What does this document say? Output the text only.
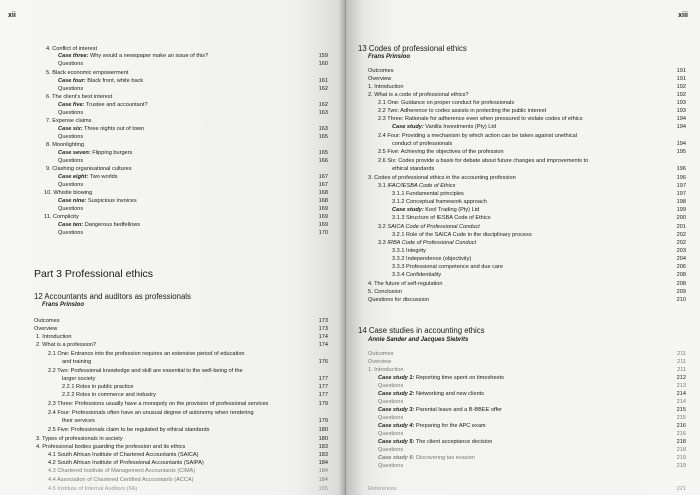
xii
4. Conflict of interest
Case three: Why would a newspaper make an issue of this?	159
Questions	160
5. Black economic empowerment
Case four: Black front, white back	161
Questions	162
6. The client's best interest
Case five: Trustee and accountant?	162
Questions	163
7. Expense claims
Case six: Three nights out of town	163
Questions	165
8. Moonlighting
Case seven: Flipping burgers	165
Questions	166
9. Clashing organisational cultures
Case eight: Two worlds	167
Questions	167
10. Whistle blowing	168
Case nine: Suspicious invoices	168
Questions	169
11. Complicity	169
Case ten: Dangerous bedfellows	169
Questions	170
Part 3 Professional ethics
12 Accountants and auditors as professionals
Frans Prinsloo
Outcomes	173
Overview	173
1. Introduction	174
2. What is a profession?	174
2.1 One: Entrance into the profession requires an extensive period of education
and training	176
2.2 Two: Professional knowledge and skill are essential to the well-being of the
larger society	177
2.2.1 Roles in public practice	177
2.2.2 Roles in commerce and industry	177
2.3 Three: Professions usually have a monopoly on the provision of professional services	179
2.4 Four: Professionals often have an unusual degree of autonomy when rendering
their services	179
2.5 Five: Professionals claim to be regulated by ethical standards	180
3. Types of professionals in society	180
4. Professional bodies guarding the profession and its ethics	183
4.1 South African Institute of Chartered Accountants (SAICA)	183
4.2 South African Institute of Professional Accountants (SAIPA)	184
4.3 Chartered Institute of Management Accountants (CIMA)	184
4.4 Association of Chartered Certified Accountants (ACCA)	184
4.5 Institute of Internal Auditors (IIA)	185
xiii
13 Codes of professional ethics
Frans Prinsloo
Outcomes	191
Overview	191
1. Introduction	192
2. What is a code of professional ethics?	192
2.1 One: Guidance on proper conduct for professionals	193
2.2 Two: Adherence to codes assists in protecting the public interest	193
2.3 Three: Rationale for adherence even when pressured to violate codes of ethics	194
Case study: Vanilla Investments (Pty) Ltd	194
2.4 Four: Providing a mechanism by which action can be taken against unethical
conduct of professionals	194
2.5 Five: Achieving the objectives of the profession	195
2.6 Six: Codes provide a basis for debate about future changes and improvements to
ethical standards	196
3. Codes of professional ethics in the accounting profession	196
3.1 IFAC/IESBA Code of Ethics	197
3.1.1 Fundamental principles	197
3.1.2 Conceptual framework approach	198
Case study: Kool Trading (Pty) Ltd	199
3.1.3 Structure of IESBA Code of Ethics	200
3.2 SAICA Code of Professional Conduct	201
3.2.1 Role of the SAICA Code in the disciplinary process	202
3.3 IRBA Code of Professional Conduct	202
3.3.1 Integrity	203
3.3.2 Independence (objectivity)	204
3.3.3 Professional competence and due care	206
3.3.4 Confidentiality	208
4. The future of self-regulation	208
5. Conclusion	209
Questions for discussion	210
14 Case studies in accounting ethics
Annie Sander and Jacques Siebrits
Outcomes	211
Overview	211
1. Introduction	211
Case study 1: Reporting time spent on timesheets	212
Questions	213
Case study 2: Networking and new clients	214
Questions	214
Case study 3: Parental leave and a B-BBEE offer	215
Questions	215
Case study 4: Preparing for the APC exam	216
Questions	216
Case study 5: The client acceptance decision	218
Questions	218
Case study 6: Discovering tax evasion	219
Questions	219
References	221
